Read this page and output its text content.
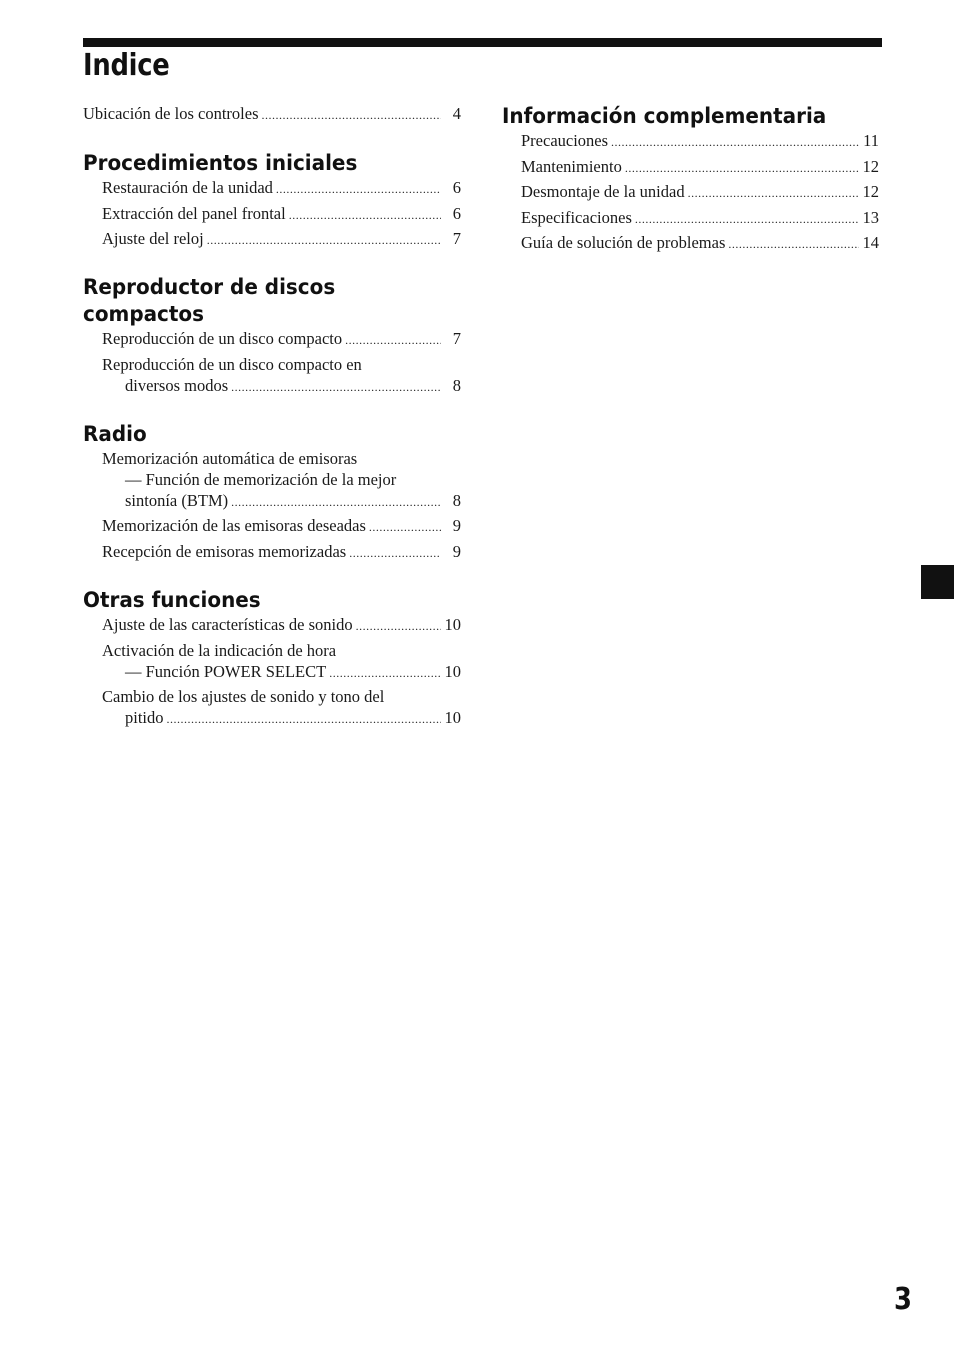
Indice
Ubicación de los controles .....	4
Procedimientos iniciales
Restauración de la unidad .....	6
Extracción del panel frontal .....	6
Ajuste del reloj .....	7
Reproductor de discos
compactos
Reproducción de un disco compacto .....	7
Reproducción de un disco compacto en
diversos modos .....	8
Radio
Memorización automática de emisoras
— Función de memorización de la mejor
sintonía (BTM) .....	8
Memorización de las emisoras deseadas .....	9
Recepción de emisoras memorizadas .....	9
Otras funciones
Ajuste de las características de sonido .....	10
Activación de la indicación de hora
— Función POWER SELECT .....	10
Cambio de los ajustes de sonido y tono del
pitido .....	10
Información complementaria
Precauciones .....	11
Mantenimiento .....	12
Desmontaje de la unidad .....	12
Especificaciones .....	13
Guía de solución de problemas .....	14
3
